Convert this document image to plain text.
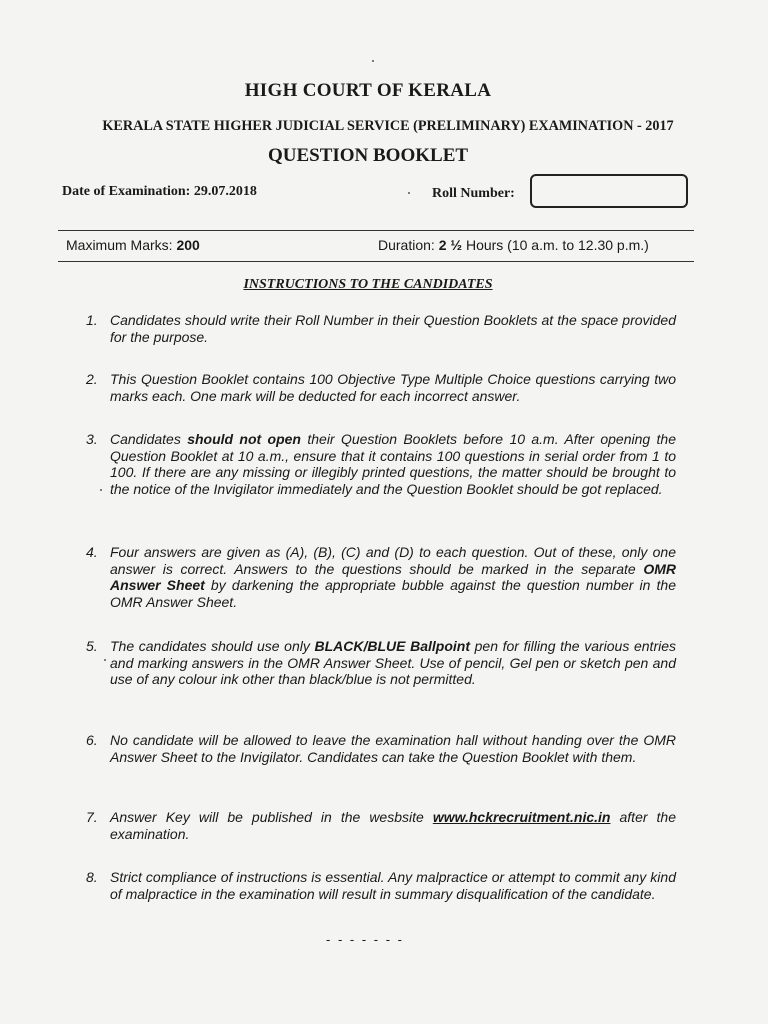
HIGH COURT OF KERALA
KERALA STATE HIGHER JUDICIAL SERVICE (PRELIMINARY) EXAMINATION - 2017
QUESTION BOOKLET
Date of Examination: 29.07.2018	Roll Number:
Maximum Marks: 200	Duration: 2 ½ Hours (10 a.m. to 12.30 p.m.)
INSTRUCTIONS TO THE CANDIDATES
1. Candidates should write their Roll Number in their Question Booklets at the space provided for the purpose.
2. This Question Booklet contains 100 Objective Type Multiple Choice questions carrying two marks each. One mark will be deducted for each incorrect answer.
3. Candidates should not open their Question Booklets before 10 a.m. After opening the Question Booklet at 10 a.m., ensure that it contains 100 questions in serial order from 1 to 100. If there are any missing or illegibly printed questions, the matter should be brought to the notice of the Invigilator immediately and the Question Booklet should be got replaced.
4. Four answers are given as (A), (B), (C) and (D) to each question. Out of these, only one answer is correct. Answers to the questions should be marked in the separate OMR Answer Sheet by darkening the appropriate bubble against the question number in the OMR Answer Sheet.
5. The candidates should use only BLACK/BLUE Ballpoint pen for filling the various entries and marking answers in the OMR Answer Sheet. Use of pencil, Gel pen or sketch pen and use of any colour ink other than black/blue is not permitted.
6. No candidate will be allowed to leave the examination hall without handing over the OMR Answer Sheet to the Invigilator. Candidates can take the Question Booklet with them.
7. Answer Key will be published in the wesbsite www.hckrecruitment.nic.in after the examination.
8. Strict compliance of instructions is essential. Any malpractice or attempt to commit any kind of malpractice in the examination will result in summary disqualification of the candidate.
- - - - - - -
